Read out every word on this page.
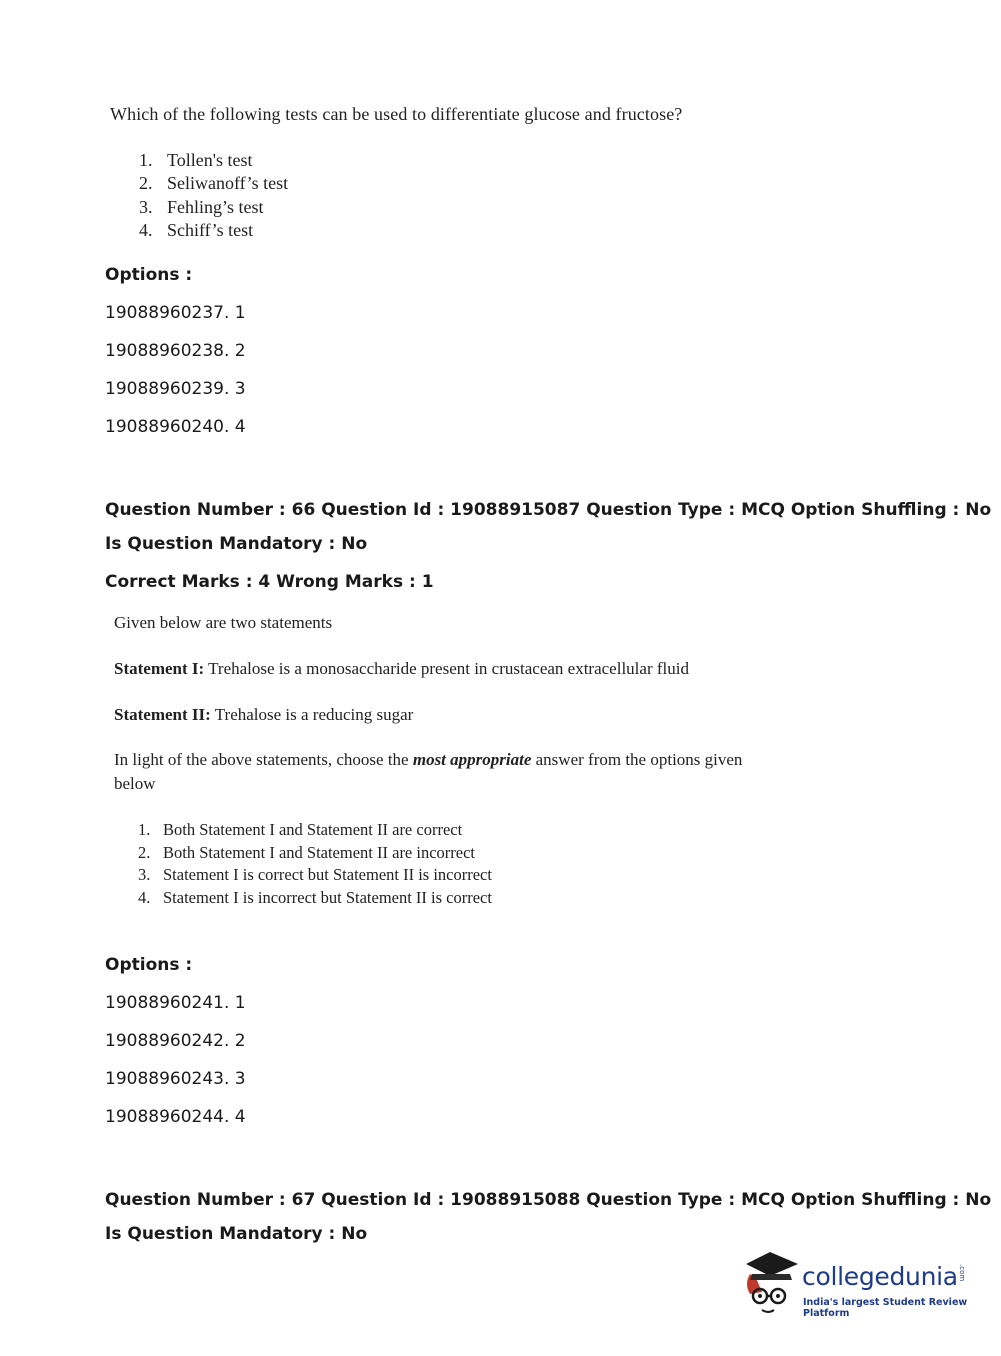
Which of the following tests can be used to differentiate glucose and fructose?
1. Tollen's test
2. Seliwanoff’s test
3. Fehling’s test
4. Schiff’s test
Options :
19088960237. 1
19088960238. 2
19088960239. 3
19088960240. 4
Question Number : 66 Question Id : 19088915087 Question Type : MCQ Option Shuffling : No
Is Question Mandatory : No
Correct Marks : 4 Wrong Marks : 1
Given below are two statements
Statement I: Trehalose is a monosaccharide present in crustacean extracellular fluid
Statement II: Trehalose is a reducing sugar
In light of the above statements, choose the most appropriate answer from the options given
below
1. Both Statement I and Statement II are correct
2. Both Statement I and Statement II are incorrect
3. Statement I is correct but Statement II is incorrect
4. Statement I is incorrect but Statement II is correct
Options :
19088960241. 1
19088960242. 2
19088960243. 3
19088960244. 4
Question Number : 67 Question Id : 19088915088 Question Type : MCQ Option Shuffling : No
Is Question Mandatory : No
collegedunia .com
India's largest Student Review Platform
